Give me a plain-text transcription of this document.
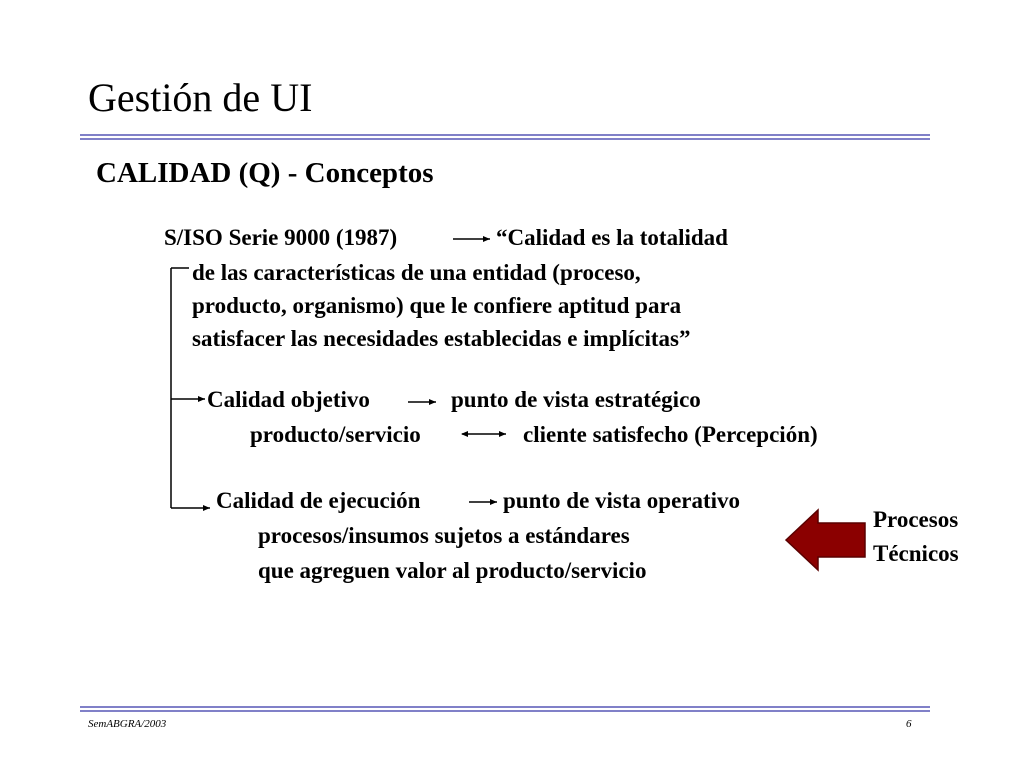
Gestión de UI
CALIDAD (Q) - Conceptos
S/ISO Serie 9000 (1987)	“Calidad es la totalidad
de las características de una entidad (proceso,
producto, organismo) que le confiere aptitud para
satisfacer las necesidades establecidas e implícitas”
Calidad objetivo	punto de vista estratégico
producto/servicio	cliente satisfecho (Percepción)
Calidad de ejecución	punto de vista operativo
procesos/insumos sujetos a estándares
que agreguen valor al producto/servicio
Procesos
Técnicos
SemABGRA/2003	6
